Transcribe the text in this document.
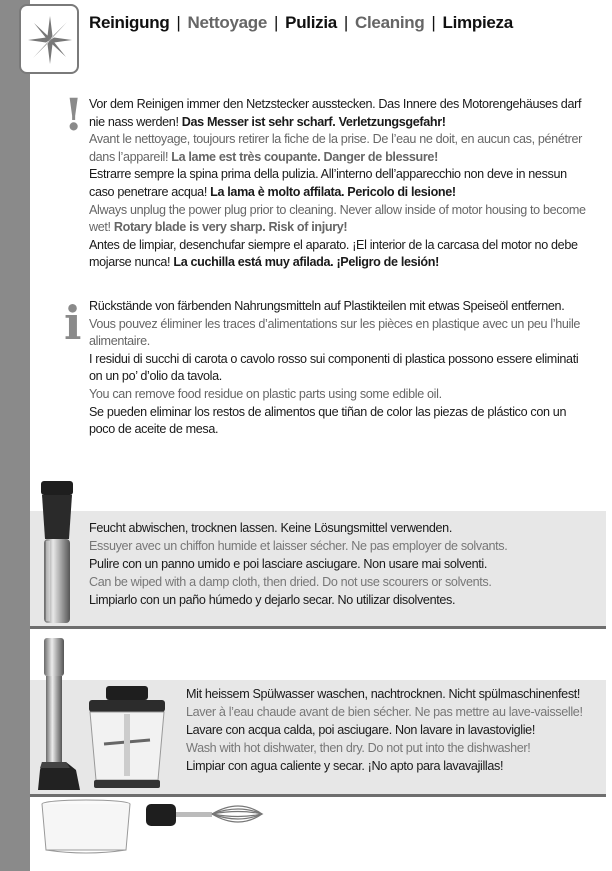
Reinigung | Nettoyage | Pulizia | Cleaning | Limpieza
! Vor dem Reinigen immer den Netzstecker ausstecken. Das Innere des Motorengehäuses darf nie nass werden! Das Messer ist sehr scharf. Verletzungsgefahr!
Avant le nettoyage, toujours retirer la fiche de la prise. De l’eau ne doit, en aucun cas, pénétrer dans l’appareil! La lame est très coupante. Danger de blessure!
Estrarre sempre la spina prima della pulizia. All’interno dell’apparecchio non deve in nessun caso penetrare acqua! La lama è molto affilata. Pericolo di lesione!
Always unplug the power plug prior to cleaning. Never allow inside of motor housing to become wet! Rotary blade is very sharp. Risk of injury!
Antes de limpiar, desenchufar siempre el aparato. ¡El interior de la carcasa del motor no debe mojarse nunca! La cuchilla está muy afilada. ¡Peligro de lesión!
i Rückstände von färbenden Nahrungsmitteln auf Plastikteilen mit etwas Speiseöl entfernen.
Vous pouvez éliminer les traces d’alimentations sur les pièces en plastique avec un peu l’huile alimentaire.
I residui di succhi di carota o cavolo rosso sui componenti di plastica possono essere eliminati on un po’ d’olio da tavola.
You can remove food residue on plastic parts using some edible oil.
Se pueden eliminar los restos de alimentos que tiñan de color las piezas de plástico con un poco de aceite de mesa.
Feucht abwischen, trocknen lassen. Keine Lösungsmittel verwenden.
Essuyer avec un chiffon humide et laisser sécher. Ne pas employer de solvants.
Pulire con un panno umido e poi lasciare asciugare. Non usare mai solventi.
Can be wiped with a damp cloth, then dried. Do not use scourers or solvents.
Limpiarlo con un paño húmedo y dejarlo secar. No utilizar disolventes.
Mit heissem Spülwasser waschen, nachtrocknen. Nicht spülmaschinenfest!
Laver à l’eau chaude avant de bien sécher. Ne pas mettre au lave-vaisselle!
Lavare con acqua calda, poi asciugare. Non lavare in lavastoviglie!
Wash with hot dishwater, then dry. Do not put into the dishwasher!
Limpiar con agua caliente y secar. ¡No apto para lavavajillas!
